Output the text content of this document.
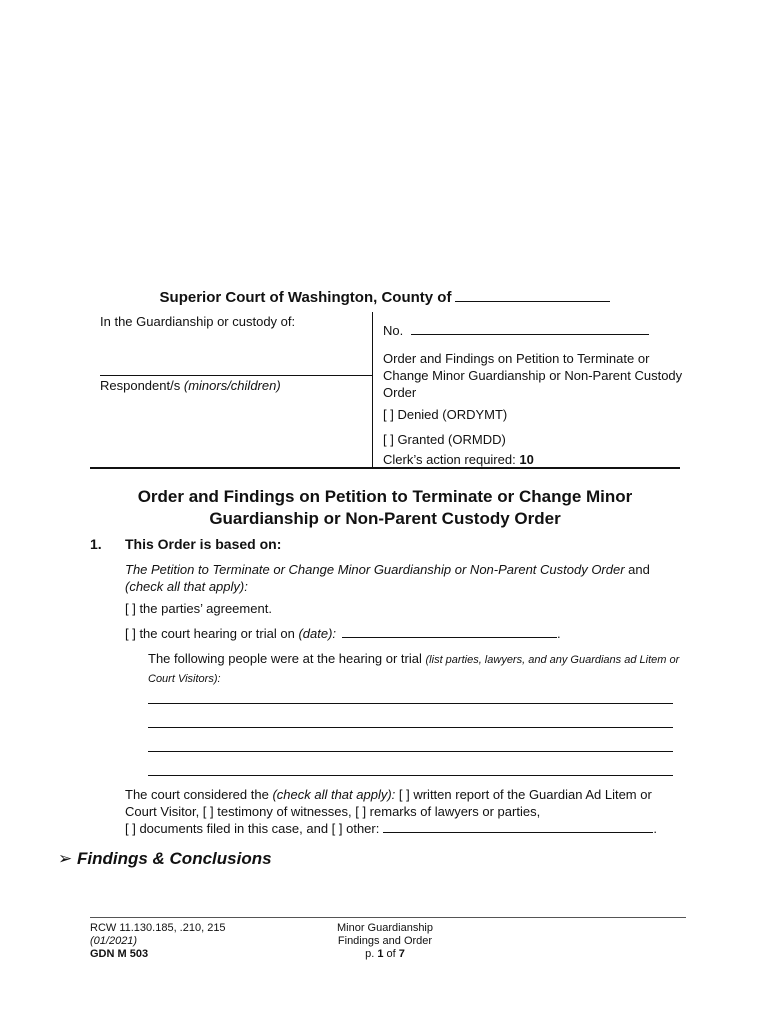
Superior Court of Washington, County of
In the Guardianship or custody of:
Respondent/s (minors/children)
No.
Order and Findings on Petition to Terminate or Change Minor Guardianship or Non-Parent Custody Order
[ ] Denied (ORDYMT)
[ ] Granted (ORMDD)
Clerk’s action required: 10
Order and Findings on Petition to Terminate or Change Minor
Guardianship or Non-Parent Custody Order
1. This Order is based on:
The Petition to Terminate or Change Minor Guardianship or Non-Parent Custody Order and
(check all that apply):
[ ] the parties’ agreement.
[ ] the court hearing or trial on (date):	.
The following people were at the hearing or trial (list parties, lawyers, and any Guardians ad Litem or Court Visitors):
The court considered the (check all that apply): [ ] written report of the Guardian Ad Litem or Court Visitor, [ ] testimony of witnesses, [ ] remarks of lawyers or parties,
[ ] documents filed in this case, and [ ] other:	.
➢ Findings & Conclusions
RCW 11.130.185, .210, 215
(01/2021)
GDN M 503
Minor Guardianship
Findings and Order
p. 1 of 7
